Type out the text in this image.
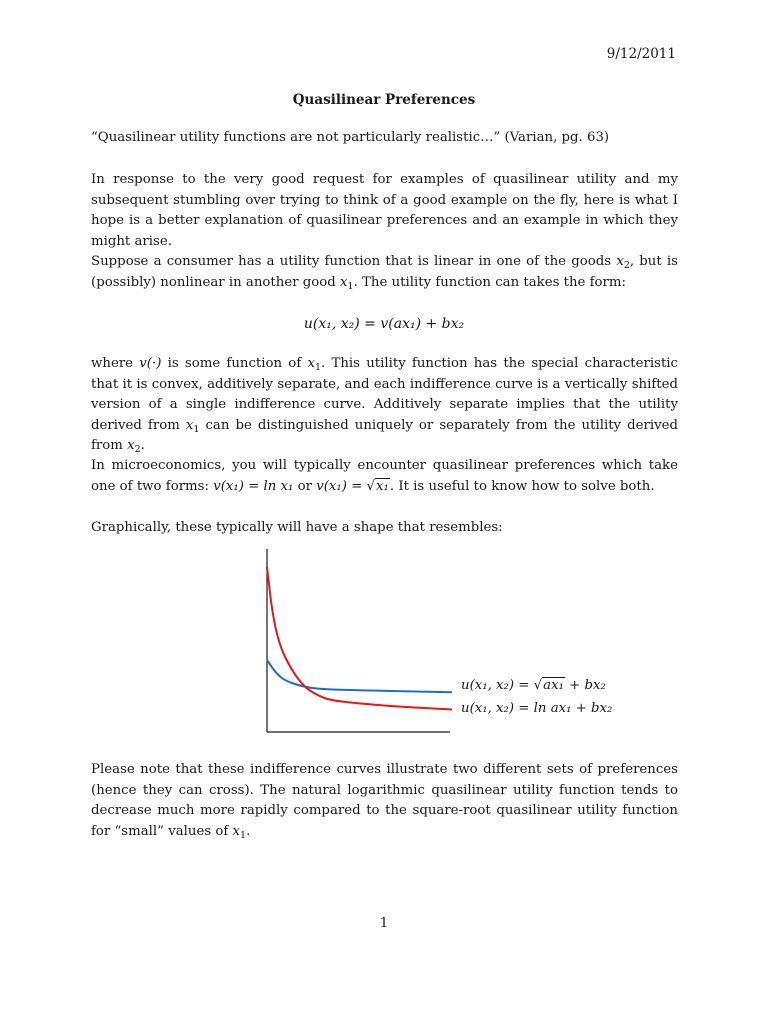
9/12/2011
Quasilinear Preferences
“Quasilinear utility functions are not particularly realistic…” (Varian, pg. 63)
In response to the very good request for examples of quasilinear utility and my subsequent stumbling over trying to think of a good example on the fly, here is what I hope is a better explanation of quasilinear preferences and an example in which they might arise.
Suppose a consumer has a utility function that is linear in one of the goods $x_2$, but is (possibly) nonlinear in another good $x_1$. The utility function can takes the form:
u(x₁, x₂) = v(ax₁) + bx₂
where v(·) is some function of $x_1$. This utility function has the special characteristic that it is convex, additively separate, and each indifference curve is a vertically shifted version of a single indifference curve. Additively separate implies that the utility derived from $x_1$ can be distinguished uniquely or separately from the utility derived from $x_2$.
In microeconomics, you will typically encounter quasilinear preferences which take one of two forms: v(x₁) = ln x₁ or v(x₁) = √x₁. It is useful to know how to solve both.
Graphically, these typically will have a shape that resembles:
u(x₁, x₂) = √ax₁ + bx₂
u(x₁, x₂) = ln ax₁ + bx₂
Please note that these indifference curves illustrate two different sets of preferences (hence they can cross). The natural logarithmic quasilinear utility function tends to decrease much more rapidly compared to the square-root quasilinear utility function for “small” values of $x_1$.
1
